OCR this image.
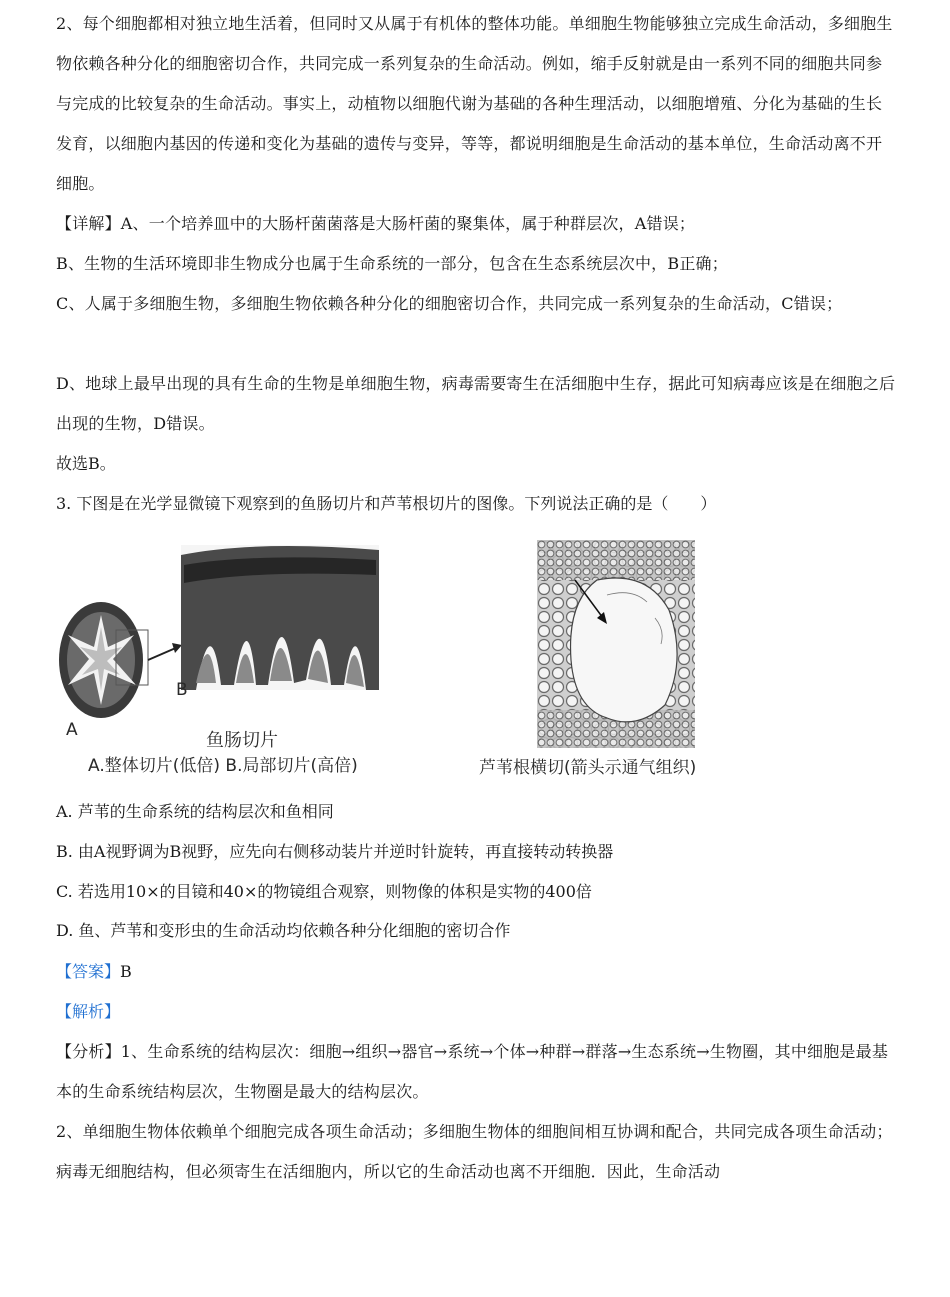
2、每个细胞都相对独立地生活着，但同时又从属于有机体的整体功能。单细胞生物能够独立完成生命活动，多细胞生物依赖各种分化的细胞密切合作，共同完成一系列复杂的生命活动。例如，缩手反射就是由一系列不同的细胞共同参与完成的比较复杂的生命活动。事实上，动植物以细胞代谢为基础的各种生理活动，以细胞增殖、分化为基础的生长发育，以细胞内基因的传递和变化为基础的遗传与变异，等等，都说明细胞是生命活动的基本单位，生命活动离不开细胞。

【详解】A、一个培养皿中的大肠杆菌菌落是大肠杆菌的聚集体，属于种群层次，A错误；

B、生物的生活环境即非生物成分也属于生命系统的一部分，包含在生态系统层次中，B正确；

C、人属于多细胞生物，多细胞生物依赖各种分化的细胞密切合作，共同完成一系列复杂的生命活动，C错误；

D、地球上最早出现的具有生命的生物是单细胞生物，病毒需要寄生在活细胞中生存，据此可知病毒应该是在细胞之后出现的生物，D错误。

故选B。

3. 下图是在光学显微镜下观察到的鱼肠切片和芦苇根切片的图像。下列说法正确的是（　　）

B
A	鱼肠切片
A.整体切片(低倍) B.局部切片(高倍)	芦苇根横切(箭头示通气组织)

A. 芦苇的生命系统的结构层次和鱼相同

B. 由A视野调为B视野，应先向右侧移动装片并逆时针旋转，再直接转动转换器

C. 若选用10×的目镜和40×的物镜组合观察，则物像的体积是实物的400倍

D. 鱼、芦苇和变形虫的生命活动均依赖各种分化细胞的密切合作

【答案】B

【解析】

【分析】1、生命系统的结构层次：细胞→组织→器官→系统→个体→种群→群落→生态系统→生物圈，其中细胞是最基本的生命系统结构层次，生物圈是最大的结构层次。

2、单细胞生物体依赖单个细胞完成各项生命活动；多细胞生物体的细胞间相互协调和配合，共同完成各项生命活动；病毒无细胞结构，但必须寄生在活细胞内，所以它的生命活动也离不开细胞．因此，生命活动
